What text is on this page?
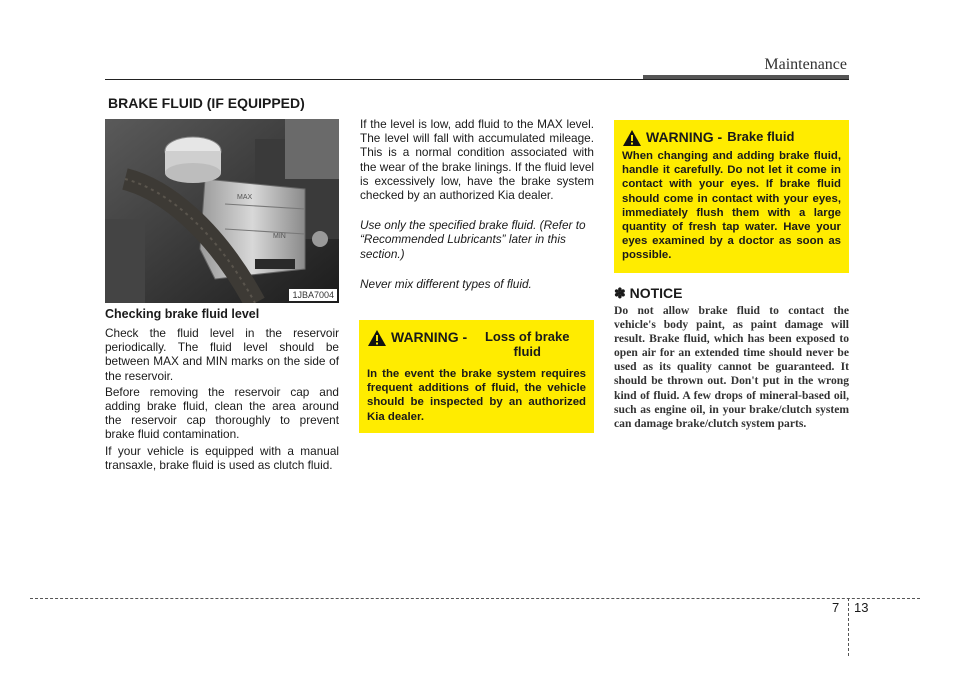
Maintenance
BRAKE FLUID (IF EQUIPPED)
MAX
MIN
1JBA7004
Checking brake fluid level

Check the fluid level in the reservoir periodically. The fluid level should be between MAX and MIN marks on the side of the reservoir.

Before removing the reservoir cap and adding brake fluid, clean the area around the reservoir cap thoroughly to prevent brake fluid contamination.

If your vehicle is equipped with a manual transaxle, brake fluid is used as clutch fluid.

If the level is low, add fluid to the MAX level. The level will fall with accumulated mileage. This is a normal condition associated with the wear of the brake linings. If the fluid level is excessively low, have the brake system checked by an authorized Kia dealer.

Use only the specified brake fluid. (Refer to “Recommended Lubricants” later in this section.)

Never mix different types of fluid.

WARNING -	Loss of brake fluid
In the event the brake system requires frequent additions of fluid, the vehicle should be inspected by an authorized Kia dealer.
WARNING - Brake fluid
When changing and adding brake fluid, handle it carefully. Do not let it come in contact with your eyes. If brake fluid should come in contact with your eyes, immediately flush them with a large quantity of fresh tap water. Have your eyes examined by a doctor as soon as possible.
✽ NOTICE
Do not allow brake fluid to contact the vehicle's body paint, as paint damage will result. Brake fluid, which has been exposed to open air for an extended time should never be used as its quality cannot be guaranteed. It should be thrown out. Don't put in the wrong kind of fluid. A few drops of mineral-based oil, such as engine oil, in your brake/clutch system can damage brake/clutch system parts.
7 13
